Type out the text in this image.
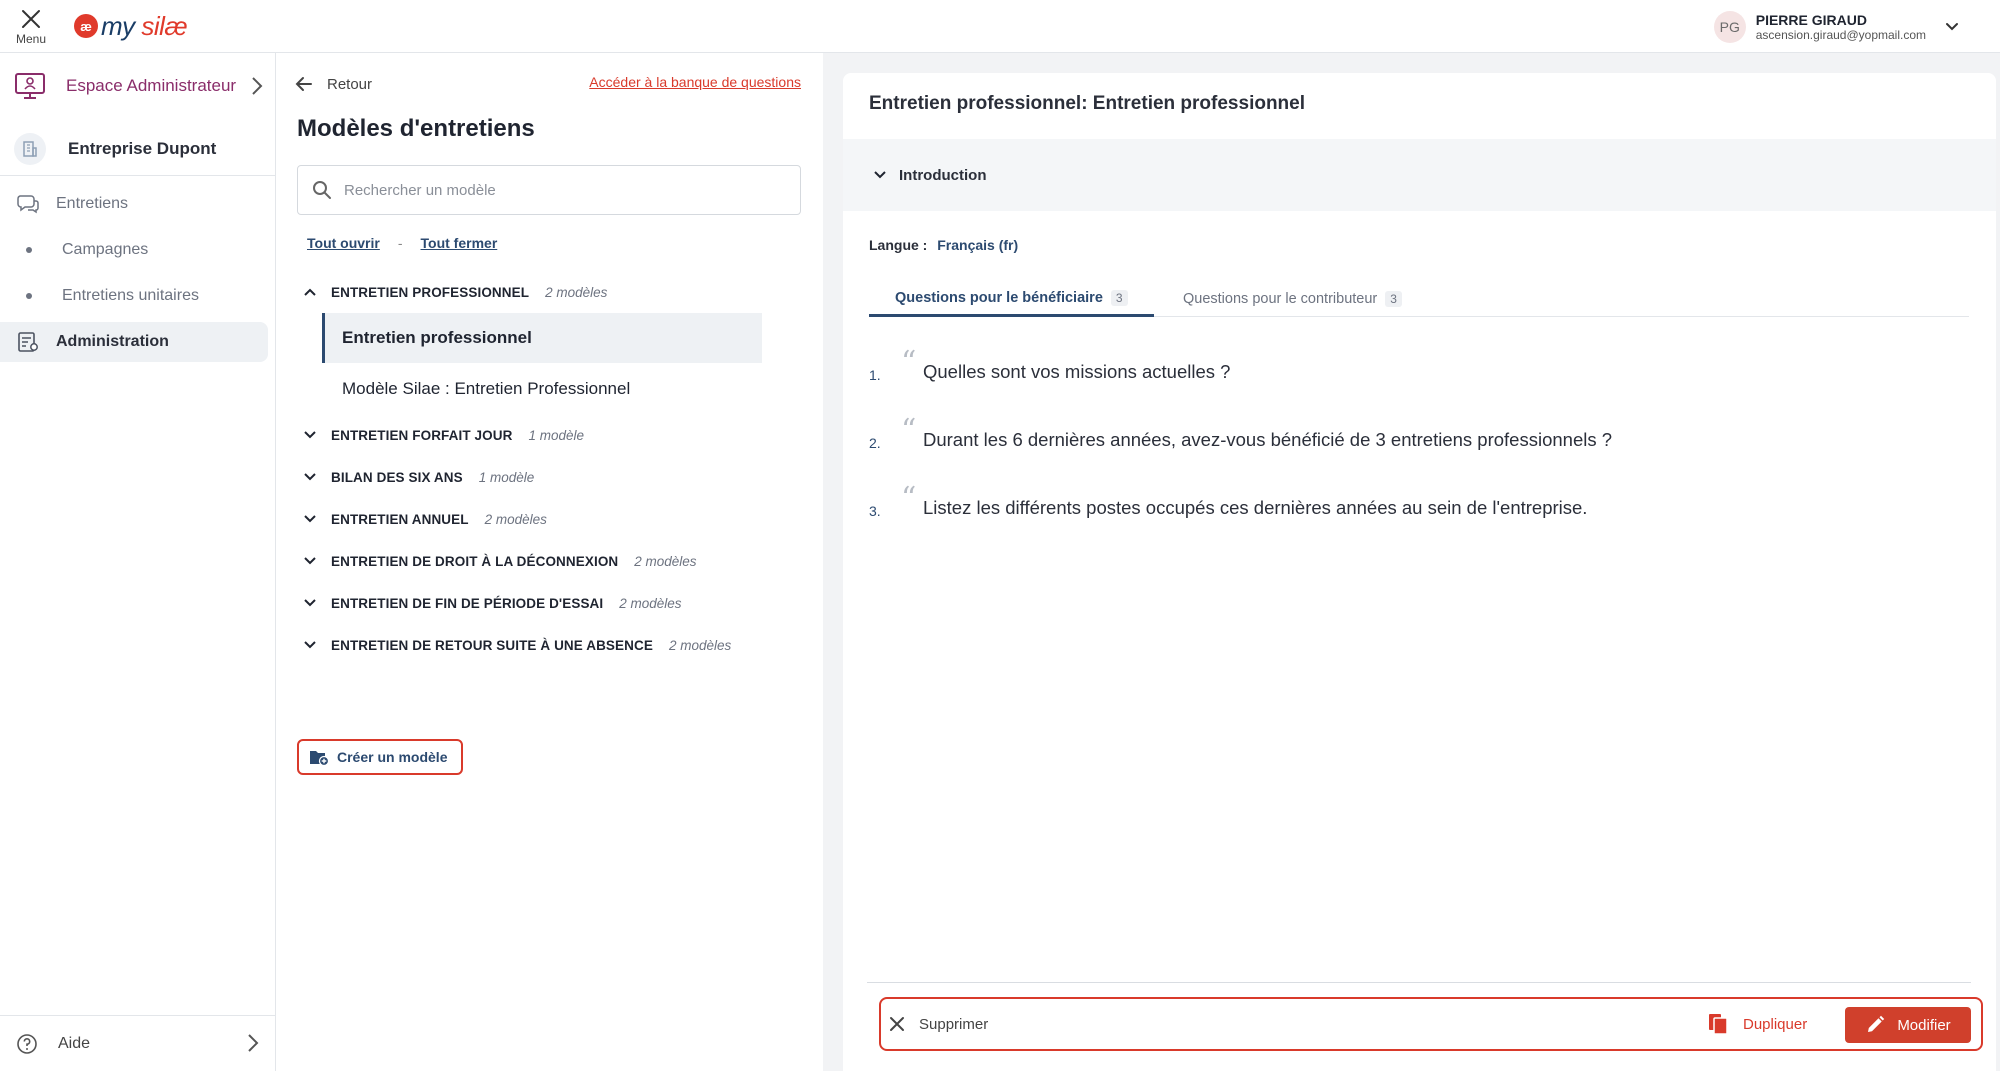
Menu
æ my silæ	PG	PIERRE GIRAUD
ascension.giraud@yopmail.com
Espace Administrateur
Entreprise Dupont
Entretiens
Campagnes
Entretiens unitaires
Administration
Aide
Retour	Accéder à la banque de questions
Modèles d'entretiens
Rechercher un modèle
Tout ouvrir - Tout fermer
ENTRETIEN PROFESSIONNEL 2 modèles
Entretien professionnel
Modèle Silae : Entretien Professionnel
ENTRETIEN FORFAIT JOUR 1 modèle
BILAN DES SIX ANS 1 modèle
ENTRETIEN ANNUEL 2 modèles
ENTRETIEN DE DROIT À LA DÉCONNEXION 2 modèles
ENTRETIEN DE FIN DE PÉRIODE D'ESSAI 2 modèles
ENTRETIEN DE RETOUR SUITE À UNE ABSENCE 2 modèles
Créer un modèle
Entretien professionnel: Entretien professionnel
Introduction
Langue : Français (fr)
Questions pour le bénéficiaire	3	Questions pour le contributeur	3
1. “ Quelles sont vos missions actuelles ?
2. “ Durant les 6 dernières années, avez-vous bénéficié de 3 entretiens professionnels ?
3. “ Listez les différents postes occupés ces dernières années au sein de l'entreprise.
Supprimer	Dupliquer	Modifier
